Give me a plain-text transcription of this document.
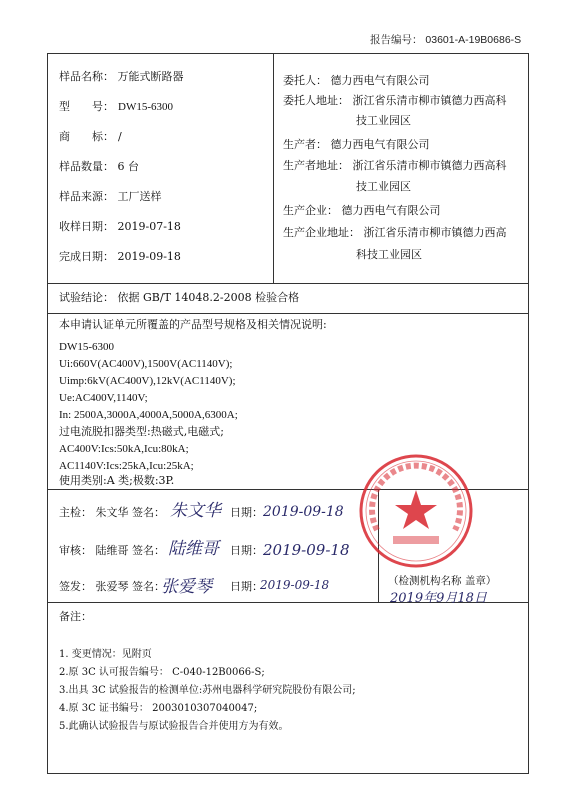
报告编号： 03601-A-19B0686-S
样品名称： 万能式断路器
型 号： DW15-6300
商 标： /
样品数量： 6 台
样品来源： 工厂送样
收样日期： 2019-07-18
完成日期： 2019-09-18
委托人： 德力西电气有限公司
委托人地址： 浙江省乐清市柳市镇德力西高科
技工业园区
生产者： 德力西电气有限公司
生产者地址： 浙江省乐清市柳市镇德力西高科
技工业园区
生产企业： 德力西电气有限公司
生产企业地址： 浙江省乐清市柳市镇德力西高
科技工业园区
试验结论： 依据 GB/T 14048.2-2008 检验合格
本申请认证单元所覆盖的产品型号规格及相关情况说明:
DW15-6300
Ui:660V(AC400V),1500V(AC1140V);
Uimp:6kV(AC400V),12kV(AC1140V);
Ue:AC400V,1140V;
In: 2500A,3000A,4000A,5000A,6300A;
过电流脱扣器类型:热磁式,电磁式;
AC400V:Ics:50kA,Icu:80kA;
AC1140V:Ics:25kA,Icu:25kA;
使用类别:A 类;极数:3P.
主检： 朱文华 签名： 朱文华 日期： 2019-09-18
审核： 陆维哥 签名： 陆维哥 日期： 2019-09-18
签发： 张爱琴 签名：
张爱琴 日期：
2019-09-18	（检测机构名称 盖章）
2019年9月18日
备注：
1. 变更情况：见附页
2.原 3C 认可报告编号： C-040-12B0066-S;
3.出具 3C 试验报告的检测单位:苏州电器科学研究院股份有限公司;
4.原 3C 证书编号： 2003010307040047;
5.此确认试验报告与原试验报告合并使用方为有效。
